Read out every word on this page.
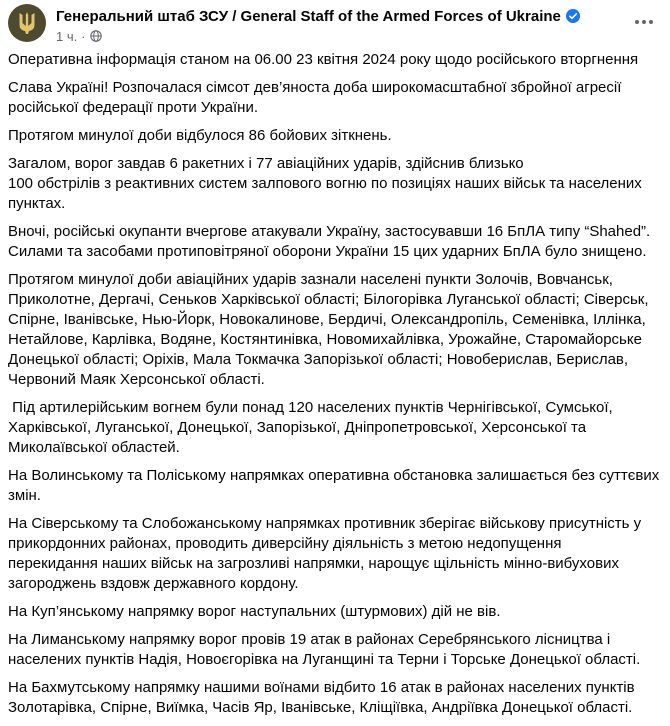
Генеральний штаб ЗСУ / General Staff of the Armed Forces of Ukraine
1 ч. ·

Оперативна інформація станом на 06.00 23 квітня 2024 року щодо російського вторгнення

Слава Україні! Розпочалася сімсот дев’яноста доба широкомасштабної збройної агресії
російської федерації проти України.

Протягом минулої доби відбулося 86 бойових зіткнень.

Загалом, ворог завдав 6 ракетних і 77 авіаційних ударів, здійснив близько
100 обстрілів з реактивних систем залпового вогню по позиціях наших військ та населених
пунктах.

Вночі, російські окупанти вчергове атакували Україну, застосувавши 16 БпЛА типу “Shahed”.
Силами та засобами протиповітряної оборони України 15 цих ударних БпЛА було знищено.

Протягом минулої доби авіаційних ударів зазнали населені пункти Золочів, Вовчанськ,
Приколотне, Дергачі, Сеньков Харківської області; Білогорівка Луганської області; Сіверськ,
Спірне, Іванівське, Нью-Йорк, Новокалинове, Бердичі, Олександропіль, Семенівка, Іллінка,
Нетайлове, Карлівка, Водяне, Костянтинівка, Новомихайлівка, Урожайне, Старомайорське
Донецької області; Оріхів, Мала Токмачка Запорізької області; Новоберислав, Берислав,
Червоний Маяк Херсонської області.

Під артилерійським вогнем були понад 120 населених пунктів Чернігівської, Сумської,
Харківської, Луганської, Донецької, Запорізької, Дніпропетровської, Херсонської та
Миколаївської областей.

На Волинському та Поліському напрямках оперативна обстановка залишається без суттєвих
змін.

На Сіверському та Слобожанському напрямках противник зберігає військову присутність у
прикордонних районах, проводить диверсійну діяльність з метою недопущення
перекидання наших військ на загрозливі напрямки, нарощує щільність мінно-вибухових
загороджень вздовж державного кордону.

На Куп’янському напрямку ворог наступальних (штурмових) дій не вів.

На Лиманському напрямку ворог провів 19 атак в районах Серебрянського лісництва і
населених пунктів Надія, Новоєгорівка на Луганщині та Терни і Торське Донецької області.

На Бахмутському напрямку нашими воїнами відбито 16 атак в районах населених пунктів
Золотарівка, Спірне, Виїмка, Часів Яр, Іванівське, Кліщіївка, Андріївка Донецької області.
